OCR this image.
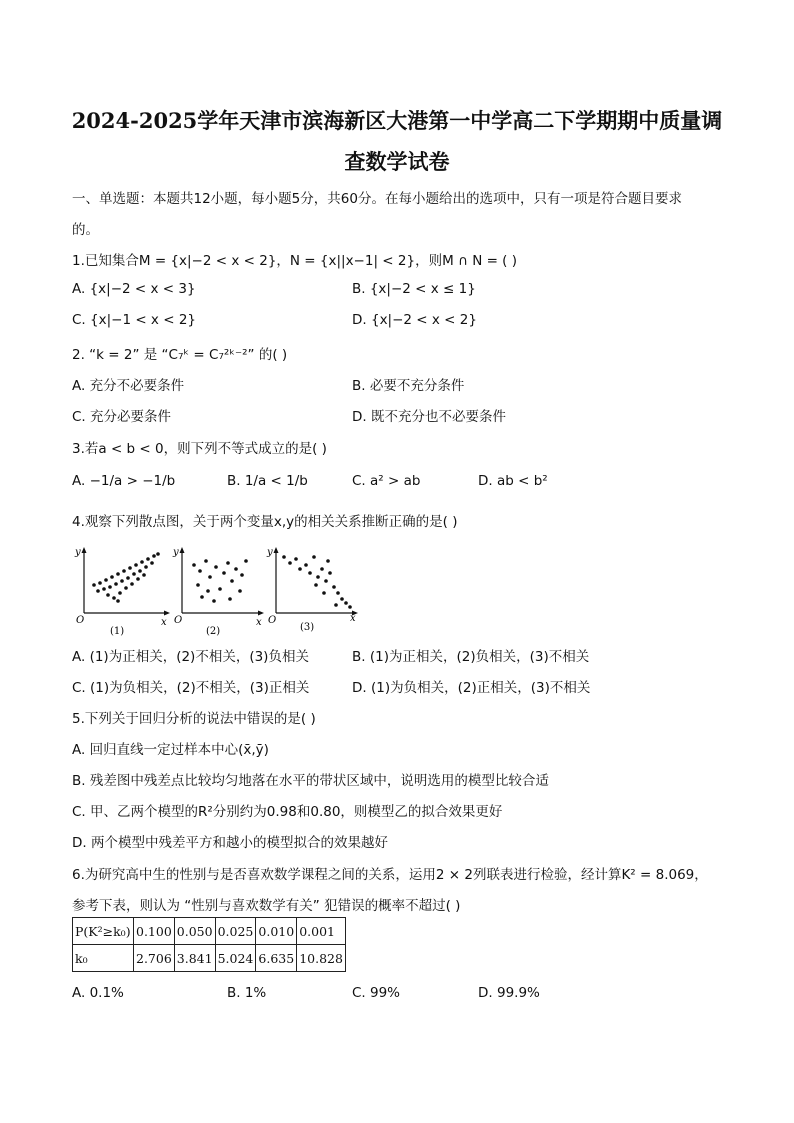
2024-2025学年天津市滨海新区大港第一中学高二下学期期中质量调
查数学试卷
一、单选题：本题共12小题，每小题5分，共60分。在每小题给出的选项中，只有一项是符合题目要求
的。
1.已知集合M = {x|−2 < x < 2}，N = {x||x−1| < 2}，则M ∩ N = ( )
A. {x|−2 < x < 3}	B. {x|−2 < x ≤ 1}
C. {x|−1 < x < 2}	D. {x|−2 < x < 2}
2. “k = 2” 是 “C₇ᵏ = C₇²ᵏ⁻²” 的( )
A. 充分不必要条件	B. 必要不充分条件
C. 充分必要条件	D. 既不充分也不必要条件
3.若a < b < 0，则下列不等式成立的是( )
A. −1/a > −1/b	B. 1/a < 1/b	C. a² > ab	D. ab < b²
4.观察下列散点图，关于两个变量x,y的相关关系推断正确的是( )
y
x
O
(1)
y
x
O
(2)
y
x
O
(3)
A. (1)为正相关，(2)不相关，(3)负相关	B. (1)为正相关，(2)负相关，(3)不相关
C. (1)为负相关，(2)不相关，(3)正相关	D. (1)为负相关，(2)正相关，(3)不相关
5.下列关于回归分析的说法中错误的是( )
A. 回归直线一定过样本中心(x̄,ȳ)
B. 残差图中残差点比较均匀地落在水平的带状区域中，说明选用的模型比较合适
C. 甲、乙两个模型的R²分别约为0.98和0.80，则模型乙的拟合效果更好
D. 两个模型中残差平方和越小的模型拟合的效果越好
6.为研究高中生的性别与是否喜欢数学课程之间的关系，运用2 × 2列联表进行检验，经计算K² = 8.069，
参考下表，则认为 “性别与喜欢数学有关” 犯错误的概率不超过( )
P(K²≥k₀)	0.100	0.050	0.025	0.010	0.001
k₀	2.706	3.841	5.024	6.635	10.828
A. 0.1%	B. 1%	C. 99%	D. 99.9%
